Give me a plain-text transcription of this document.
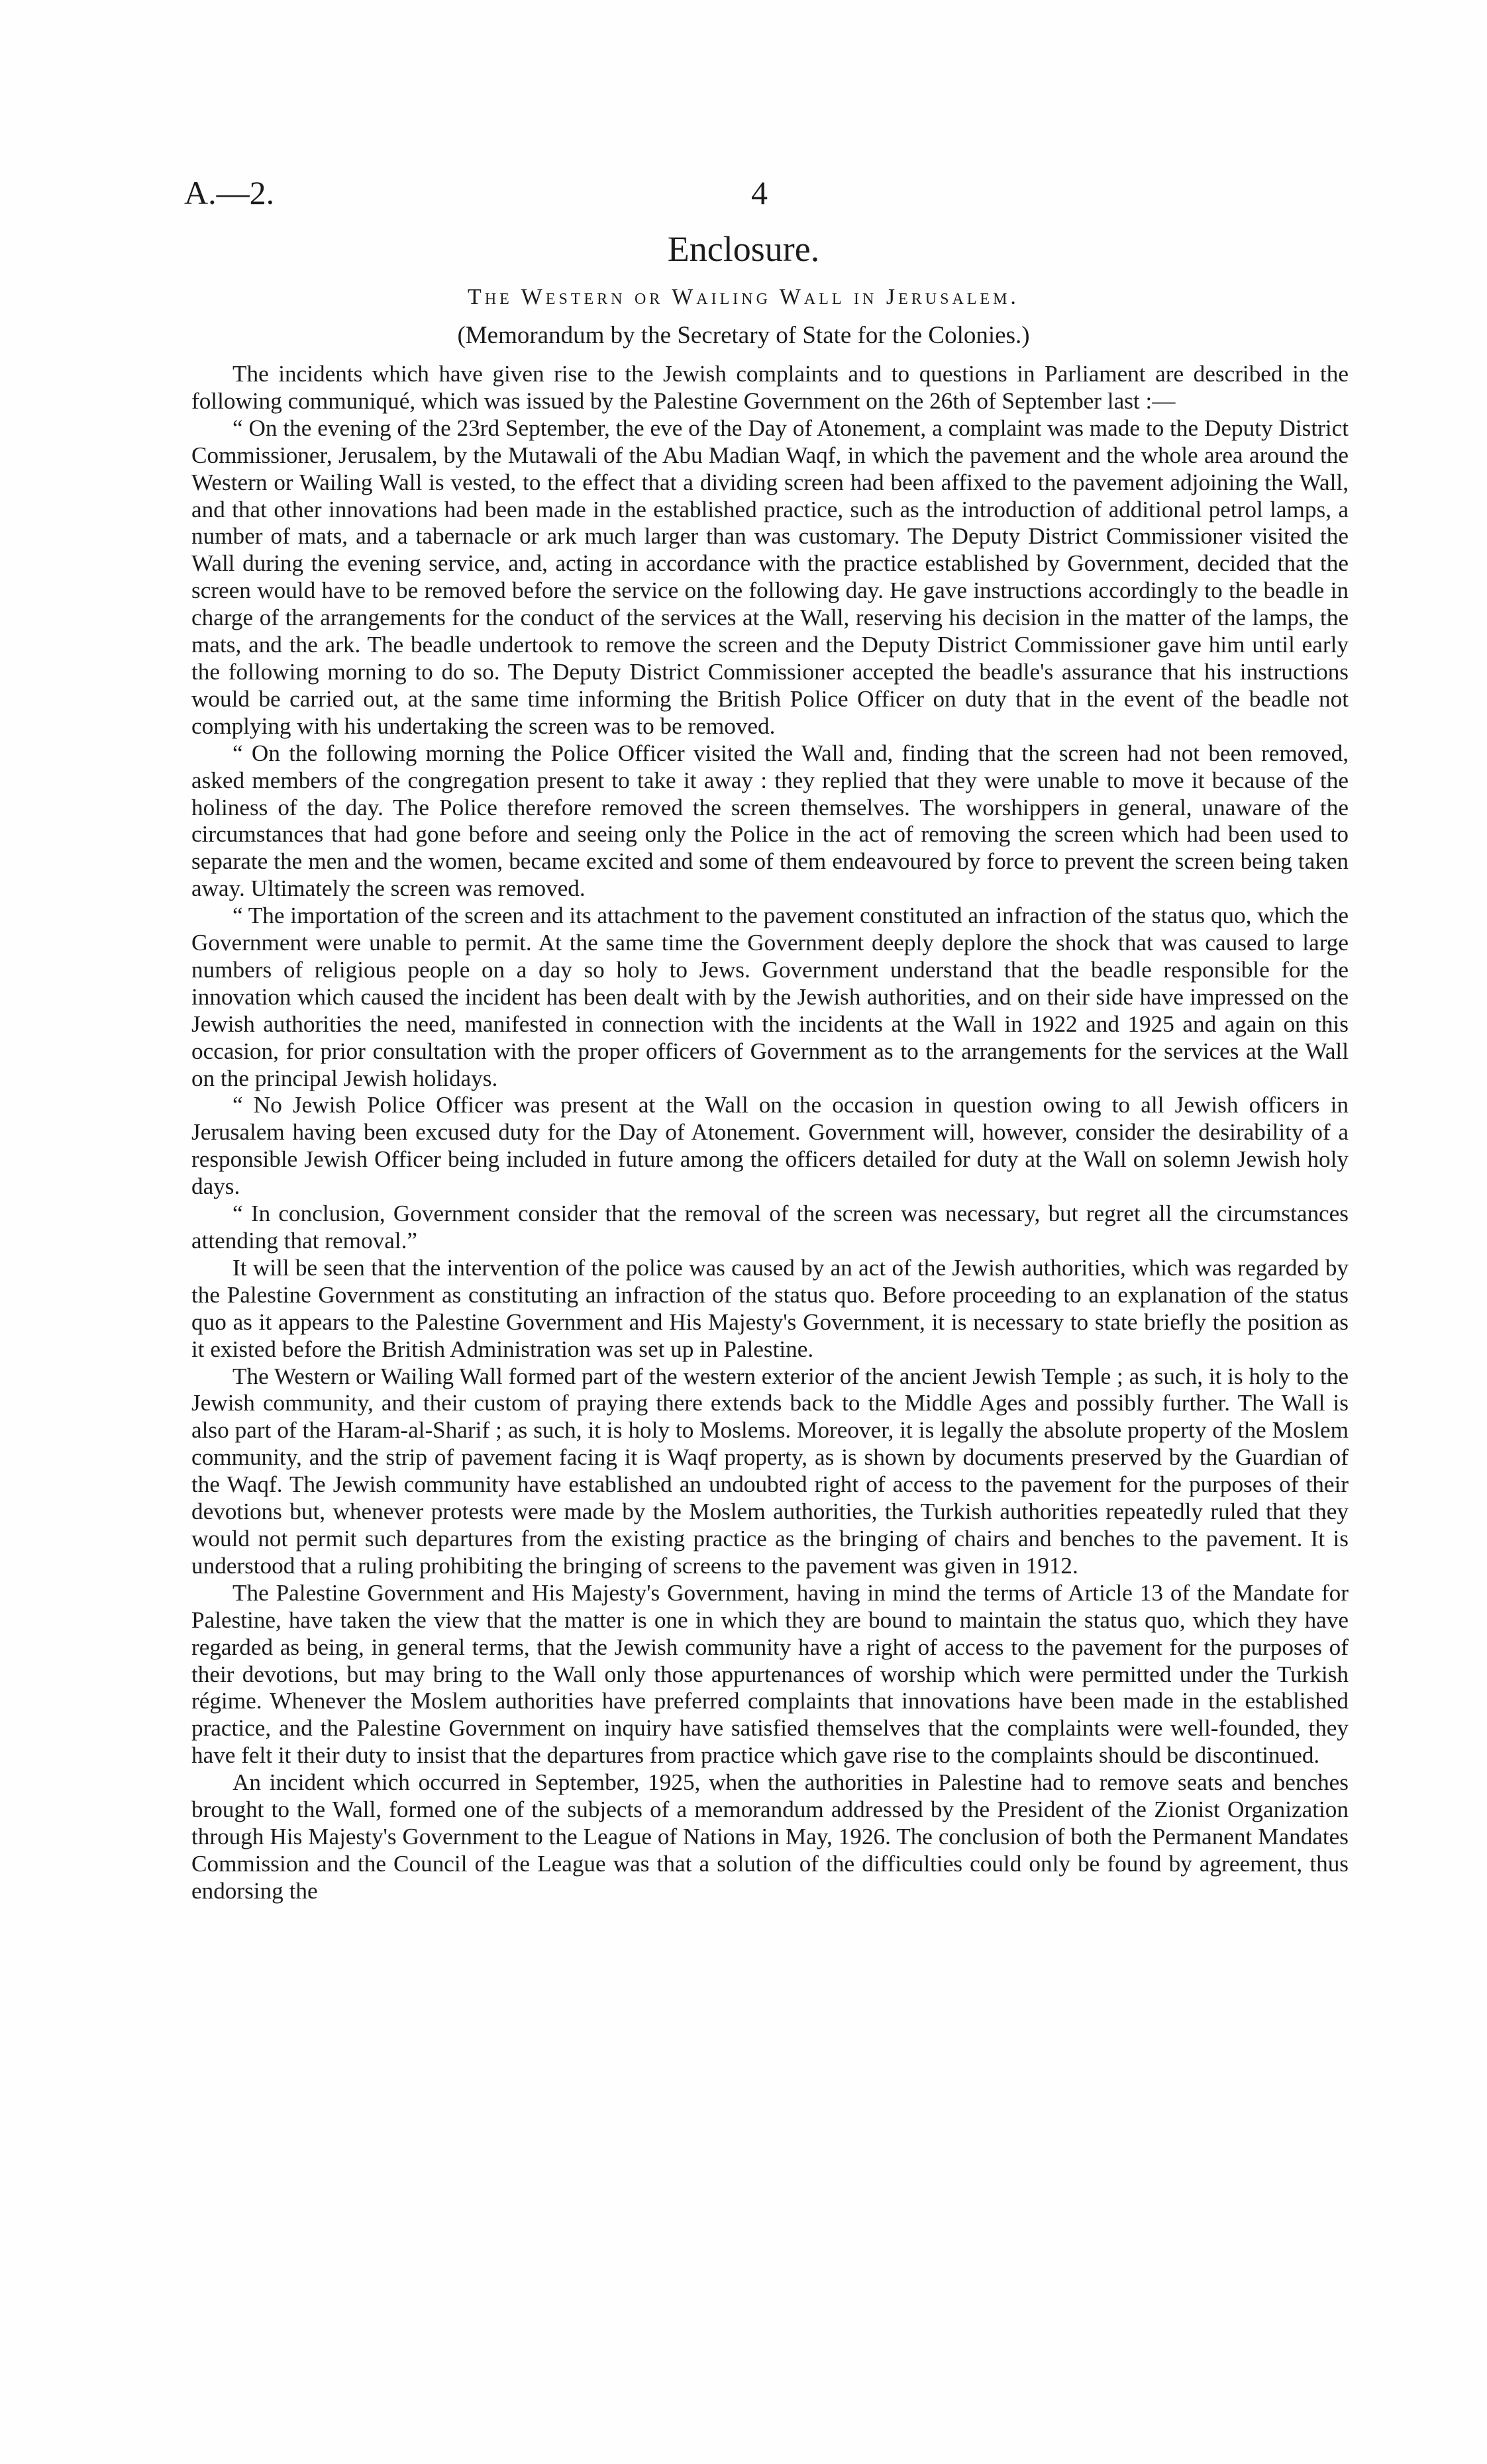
A.—2.	4
Enclosure.
The Western or Wailing Wall in Jerusalem.
(Memorandum by the Secretary of State for the Colonies.)

The incidents which have given rise to the Jewish complaints and to questions in Parliament are described in the following communiqué, which was issued by the Palestine Government on the 26th of September last :—

“ On the evening of the 23rd September, the eve of the Day of Atonement, a complaint was made to the Deputy District Commissioner, Jerusalem, by the Mutawali of the Abu Madian Waqf, in which the pavement and the whole area around the Western or Wailing Wall is vested, to the effect that a dividing screen had been affixed to the pavement adjoining the Wall, and that other innovations had been made in the established practice, such as the introduction of additional petrol lamps, a number of mats, and a tabernacle or ark much larger than was customary. The Deputy District Commissioner visited the Wall during the evening service, and, acting in accordance with the practice established by Government, decided that the screen would have to be removed before the service on the following day. He gave instructions accordingly to the beadle in charge of the arrangements for the conduct of the services at the Wall, reserving his decision in the matter of the lamps, the mats, and the ark. The beadle undertook to remove the screen and the Deputy District Commissioner gave him until early the following morning to do so. The Deputy District Commissioner accepted the beadle's assurance that his instructions would be carried out, at the same time informing the British Police Officer on duty that in the event of the beadle not complying with his undertaking the screen was to be removed.

“ On the following morning the Police Officer visited the Wall and, finding that the screen had not been removed, asked members of the congregation present to take it away : they replied that they were unable to move it because of the holiness of the day. The Police therefore removed the screen themselves. The worshippers in general, unaware of the circumstances that had gone before and seeing only the Police in the act of removing the screen which had been used to separate the men and the women, became excited and some of them endeavoured by force to prevent the screen being taken away. Ultimately the screen was removed.

“ The importation of the screen and its attachment to the pavement constituted an infraction of the status quo, which the Government were unable to permit. At the same time the Government deeply deplore the shock that was caused to large numbers of religious people on a day so holy to Jews. Government understand that the beadle responsible for the innovation which caused the incident has been dealt with by the Jewish authorities, and on their side have impressed on the Jewish authorities the need, manifested in connection with the incidents at the Wall in 1922 and 1925 and again on this occasion, for prior consultation with the proper officers of Government as to the arrangements for the services at the Wall on the principal Jewish holidays.

“ No Jewish Police Officer was present at the Wall on the occasion in question owing to all Jewish officers in Jerusalem having been excused duty for the Day of Atonement. Government will, however, consider the desirability of a responsible Jewish Officer being included in future among the officers detailed for duty at the Wall on solemn Jewish holy days.

“ In conclusion, Government consider that the removal of the screen was necessary, but regret all the circumstances attending that removal.”

It will be seen that the intervention of the police was caused by an act of the Jewish authorities, which was regarded by the Palestine Government as constituting an infraction of the status quo. Before proceeding to an explanation of the status quo as it appears to the Palestine Government and His Majesty's Government, it is necessary to state briefly the position as it existed before the British Administration was set up in Palestine.

The Western or Wailing Wall formed part of the western exterior of the ancient Jewish Temple ; as such, it is holy to the Jewish community, and their custom of praying there extends back to the Middle Ages and possibly further. The Wall is also part of the Haram-al-Sharif ; as such, it is holy to Moslems. Moreover, it is legally the absolute property of the Moslem community, and the strip of pavement facing it is Waqf property, as is shown by documents preserved by the Guardian of the Waqf. The Jewish community have established an undoubted right of access to the pavement for the purposes of their devotions but, whenever protests were made by the Moslem authorities, the Turkish authorities repeatedly ruled that they would not permit such departures from the existing practice as the bringing of chairs and benches to the pavement. It is understood that a ruling prohibiting the bringing of screens to the pavement was given in 1912.

The Palestine Government and His Majesty's Government, having in mind the terms of Article 13 of the Mandate for Palestine, have taken the view that the matter is one in which they are bound to maintain the status quo, which they have regarded as being, in general terms, that the Jewish community have a right of access to the pavement for the purposes of their devotions, but may bring to the Wall only those appurtenances of worship which were permitted under the Turkish régime. Whenever the Moslem authorities have preferred complaints that innovations have been made in the established practice, and the Palestine Government on inquiry have satisfied themselves that the complaints were well-founded, they have felt it their duty to insist that the departures from practice which gave rise to the complaints should be discontinued.

An incident which occurred in September, 1925, when the authorities in Palestine had to remove seats and benches brought to the Wall, formed one of the subjects of a memorandum addressed by the President of the Zionist Organization through His Majesty's Government to the League of Nations in May, 1926. The conclusion of both the Permanent Mandates Commission and the Council of the League was that a solution of the difficulties could only be found by agreement, thus endorsing the
